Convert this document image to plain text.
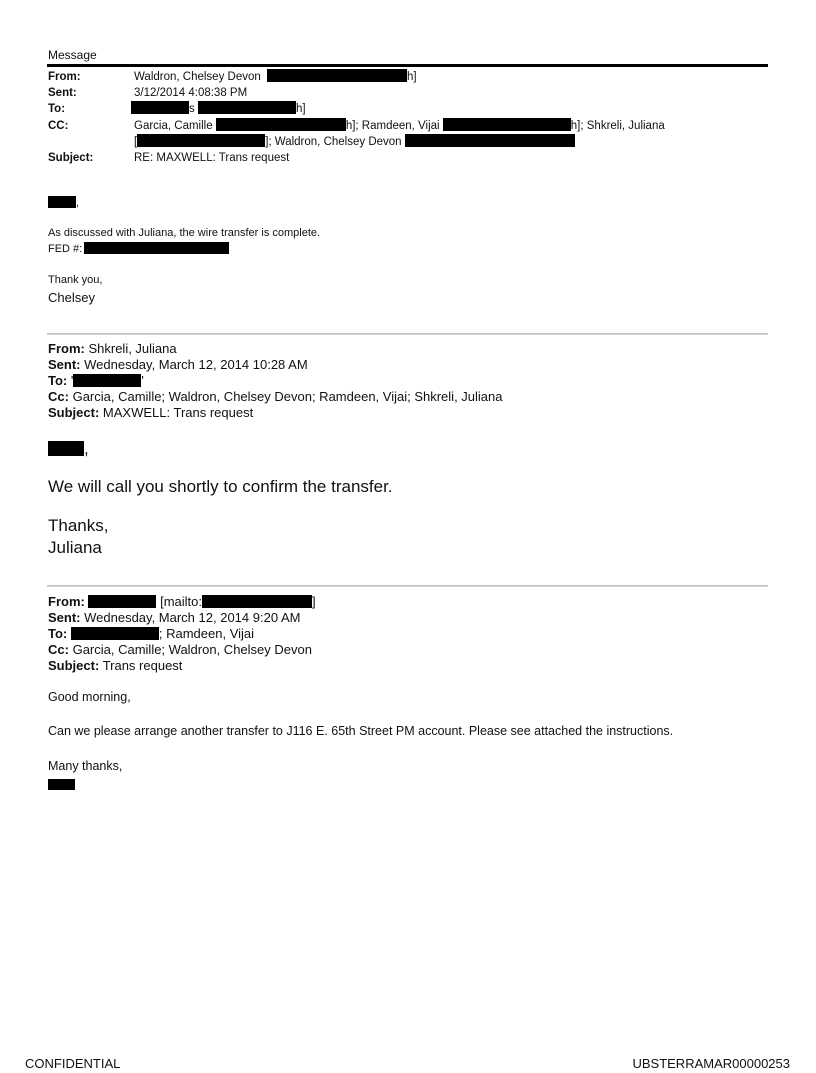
Message
From:	Waldron, Chelsey Devon	h]
Sent:	3/12/2014 4:08:38 PM
To:	s	h]
CC:	Garcia, Camille	h]; Ramdeen, Vijai	h]; Shkreli, Juliana
[	]; Waldron, Chelsey Devon
Subject:	RE: MAXWELL: Trans request
,
As discussed with Juliana, the wire transfer is complete.
FED #:
Thank you,
Chelsey
From: Shkreli, Juliana
Sent: Wednesday, March 12, 2014 10:28 AM
To: '	'
Cc: Garcia, Camille; Waldron, Chelsey Devon; Ramdeen, Vijai; Shkreli, Juliana
Subject: MAXWELL: Trans request
,
We will call you shortly to confirm the transfer.
Thanks,
Juliana
From:	[mailto:	]
Sent: Wednesday, March 12, 2014 9:20 AM
To:	; Ramdeen, Vijai
Cc: Garcia, Camille; Waldron, Chelsey Devon
Subject: Trans request
Good morning,
Can we please arrange another transfer to J116 E. 65th Street PM account. Please see attached the instructions.
Many thanks,
CONFIDENTIAL	UBSTERRAMAR00000253
